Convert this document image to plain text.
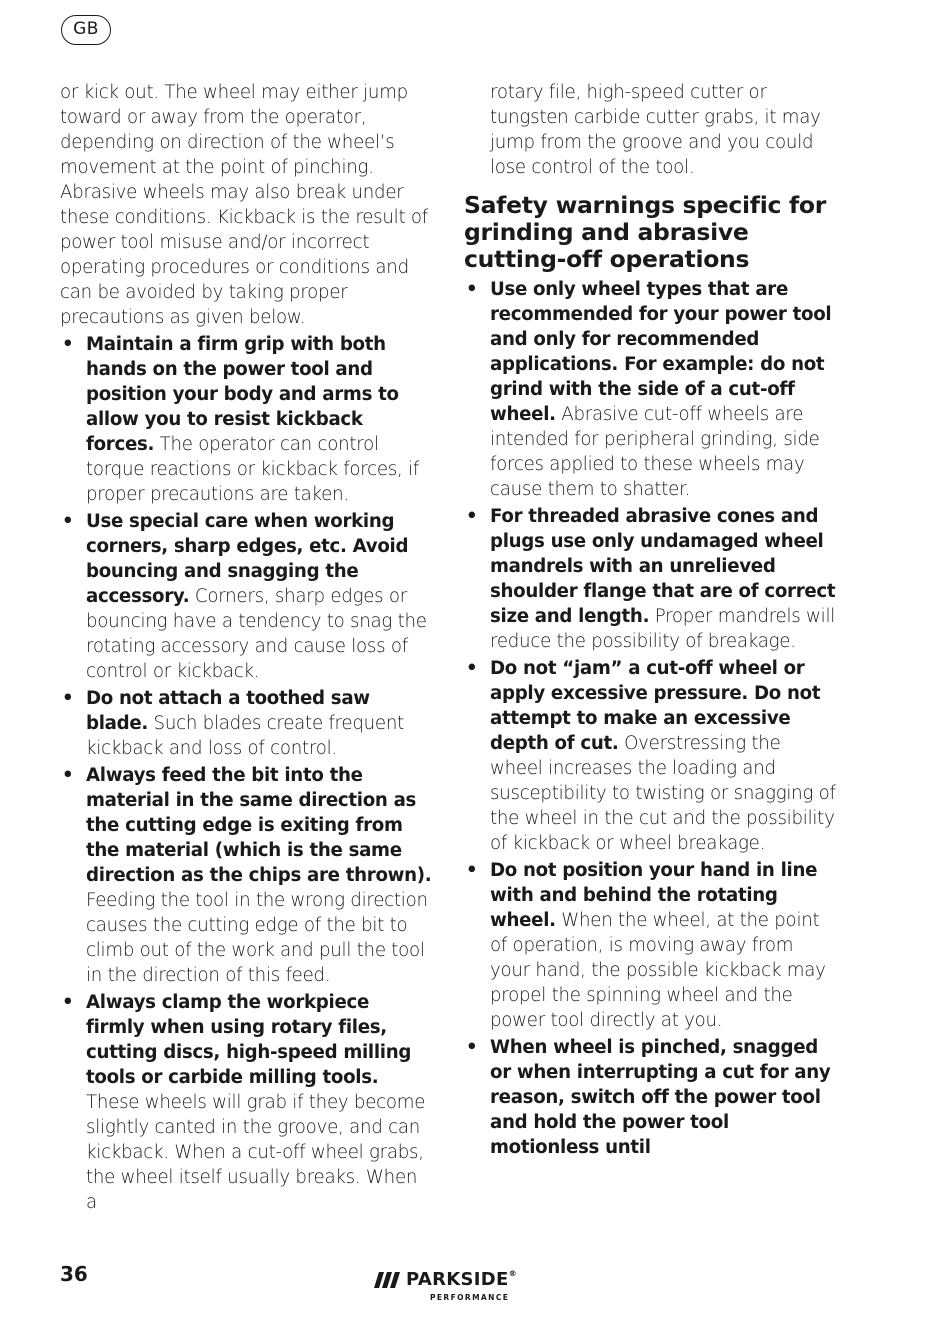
GB

or kick out. The wheel may either jump toward or away from the operator, depending on direction of the wheel’s movement at the point of pinching. Abrasive wheels may also break under these conditions. Kickback is the result of power tool misuse and/or incorrect operating procedures or conditions and can be avoided by taking proper precautions as given below.

• Maintain a firm grip with both hands on the power tool and position your body and arms to allow you to resist kickback forces. The operator can control torque reactions or kickback forces, if proper precautions are taken.
• Use special care when working corners, sharp edges, etc. Avoid bouncing and snagging the accessory. Corners, sharp edges or bouncing have a tendency to snag the rotating accessory and cause loss of control or kickback.
• Do not attach a toothed saw blade. Such blades create frequent kickback and loss of control.
• Always feed the bit into the material in the same direction as the cutting edge is exiting from the material (which is the same direction as the chips are thrown). Feeding the tool in the wrong direction causes the cutting edge of the bit to climb out of the work and pull the tool in the direction of this feed.
• Always clamp the workpiece firmly when using rotary files, cutting discs, high-speed milling tools or carbide milling tools. These wheels will grab if they become slightly canted in the groove, and can kickback. When a cut-off wheel grabs, the wheel itself usually breaks. When a

rotary file, high-speed cutter or tungsten carbide cutter grabs, it may jump from the groove and you could lose control of the tool.

Safety warnings specific for grinding and abrasive cutting-off operations
• Use only wheel types that are recommended for your power tool and only for recommended applications. For example: do not grind with the side of a cut-off wheel. Abrasive cut-off wheels are intended for peripheral grinding, side forces applied to these wheels may cause them to shatter.
• For threaded abrasive cones and plugs use only undamaged wheel mandrels with an unrelieved shoulder flange that are of correct size and length. Proper mandrels will reduce the possibility of breakage.
• Do not “jam” a cut-off wheel or apply excessive pressure. Do not attempt to make an excessive depth of cut. Overstressing the wheel increases the loading and susceptibility to twisting or snagging of the wheel in the cut and the possibility of kickback or wheel breakage.
• Do not position your hand in line with and behind the rotating wheel. When the wheel, at the point of operation, is moving away from your hand, the possible kickback may propel the spinning wheel and the power tool directly at you.
• When wheel is pinched, snagged or when interrupting a cut for any reason, switch off the power tool and hold the power tool motionless until
36	PARKSIDE®
PERFORMANCE
